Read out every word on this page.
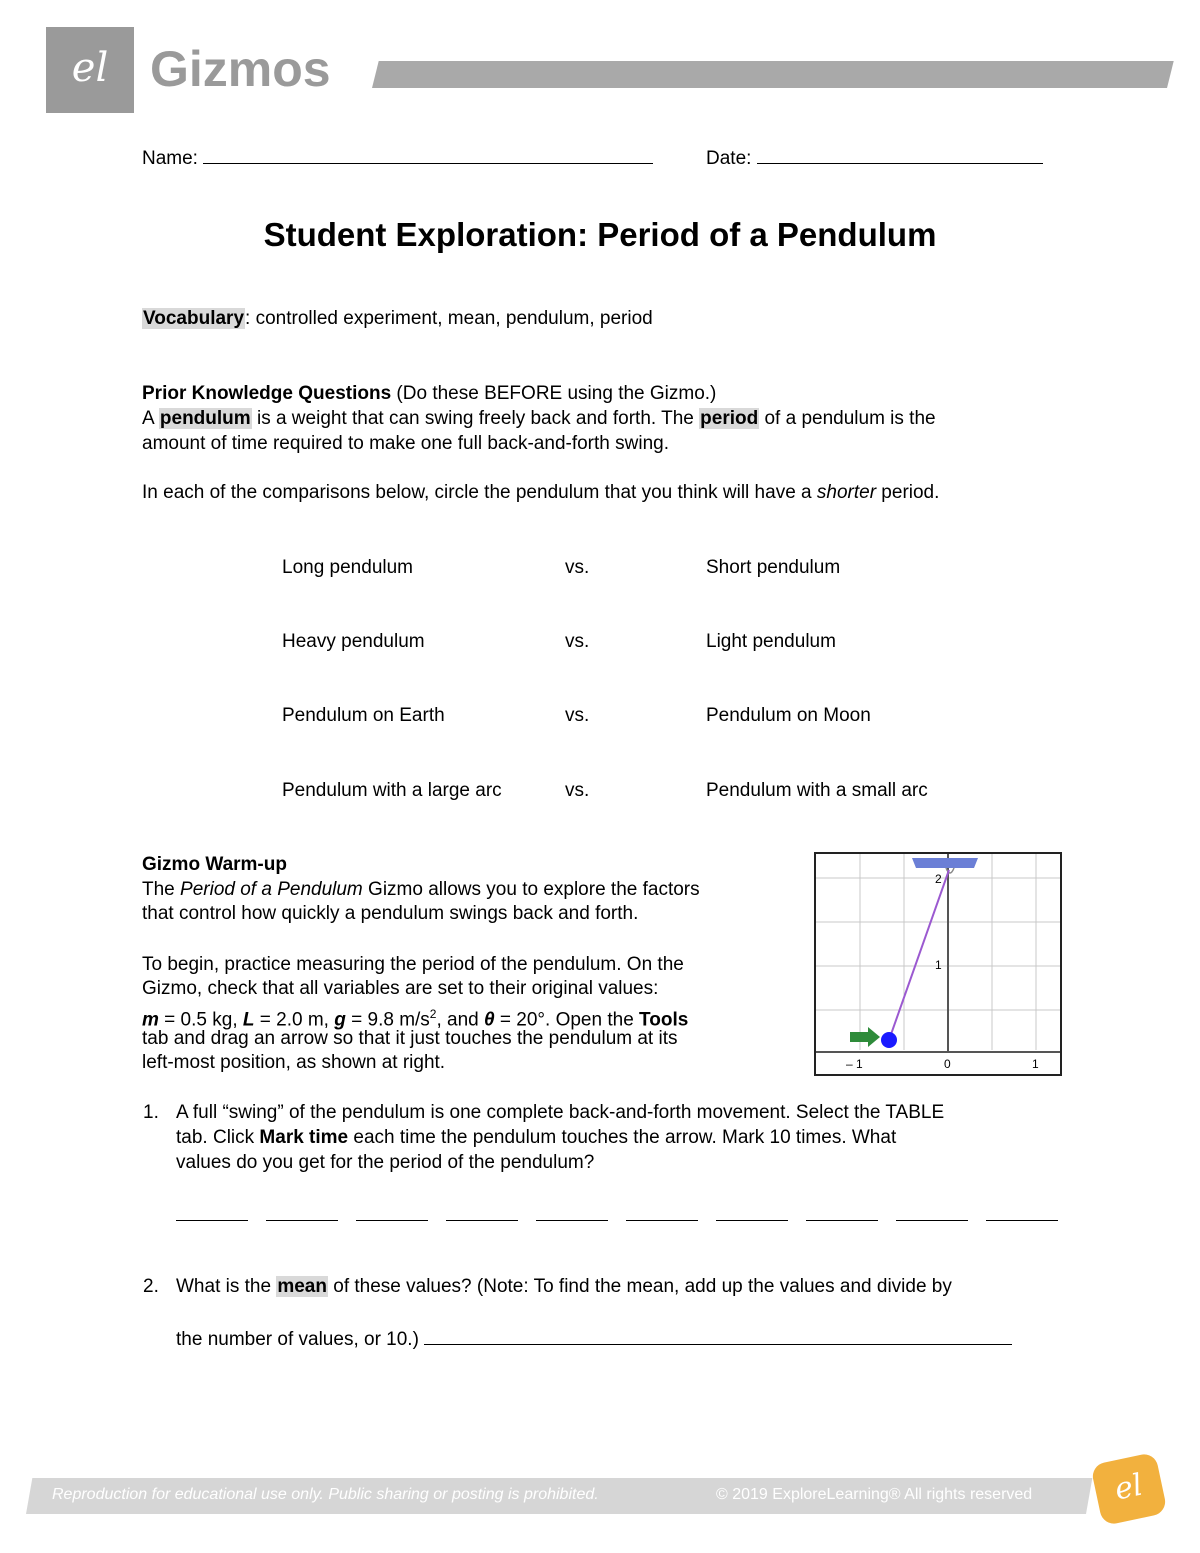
el Gizmos
Name:	Date:
Student Exploration: Period of a Pendulum
Vocabulary: controlled experiment, mean, pendulum, period
Prior Knowledge Questions (Do these BEFORE using the Gizmo.)
A pendulum is a weight that can swing freely back and forth. The period of a pendulum is the
amount of time required to make one full back-and-forth swing.
In each of the comparisons below, circle the pendulum that you think will have a shorter period.
Long pendulum	vs.	Short pendulum
Heavy pendulum	vs.	Light pendulum
Pendulum on Earth	vs.	Pendulum on Moon
Pendulum with a large arc	vs.	Pendulum with a small arc
Gizmo Warm-up
The Period of a Pendulum Gizmo allows you to explore the factors
that control how quickly a pendulum swings back and forth.
To begin, practice measuring the period of the pendulum. On the
Gizmo, check that all variables are set to their original values:
m = 0.5 kg, L = 2.0 m, g = 9.8 $m/s^2$, and θ = 20°. Open the Tools
tab and drag an arrow so that it just touches the pendulum at its
left-most position, as shown at right.
2
1
– 1	0	1
1. A full “swing” of the pendulum is one complete back-and-forth movement. Select the TABLE
tab. Click Mark time each time the pendulum touches the arrow. Mark 10 times. What
values do you get for the period of the pendulum?
2. What is the mean of these values? (Note: To find the mean, add up the values and divide by
the number of values, or 10.)
Reproduction for educational use only. Public sharing or posting is prohibited.	© 2019 ExploreLearning® All rights reserved	el
